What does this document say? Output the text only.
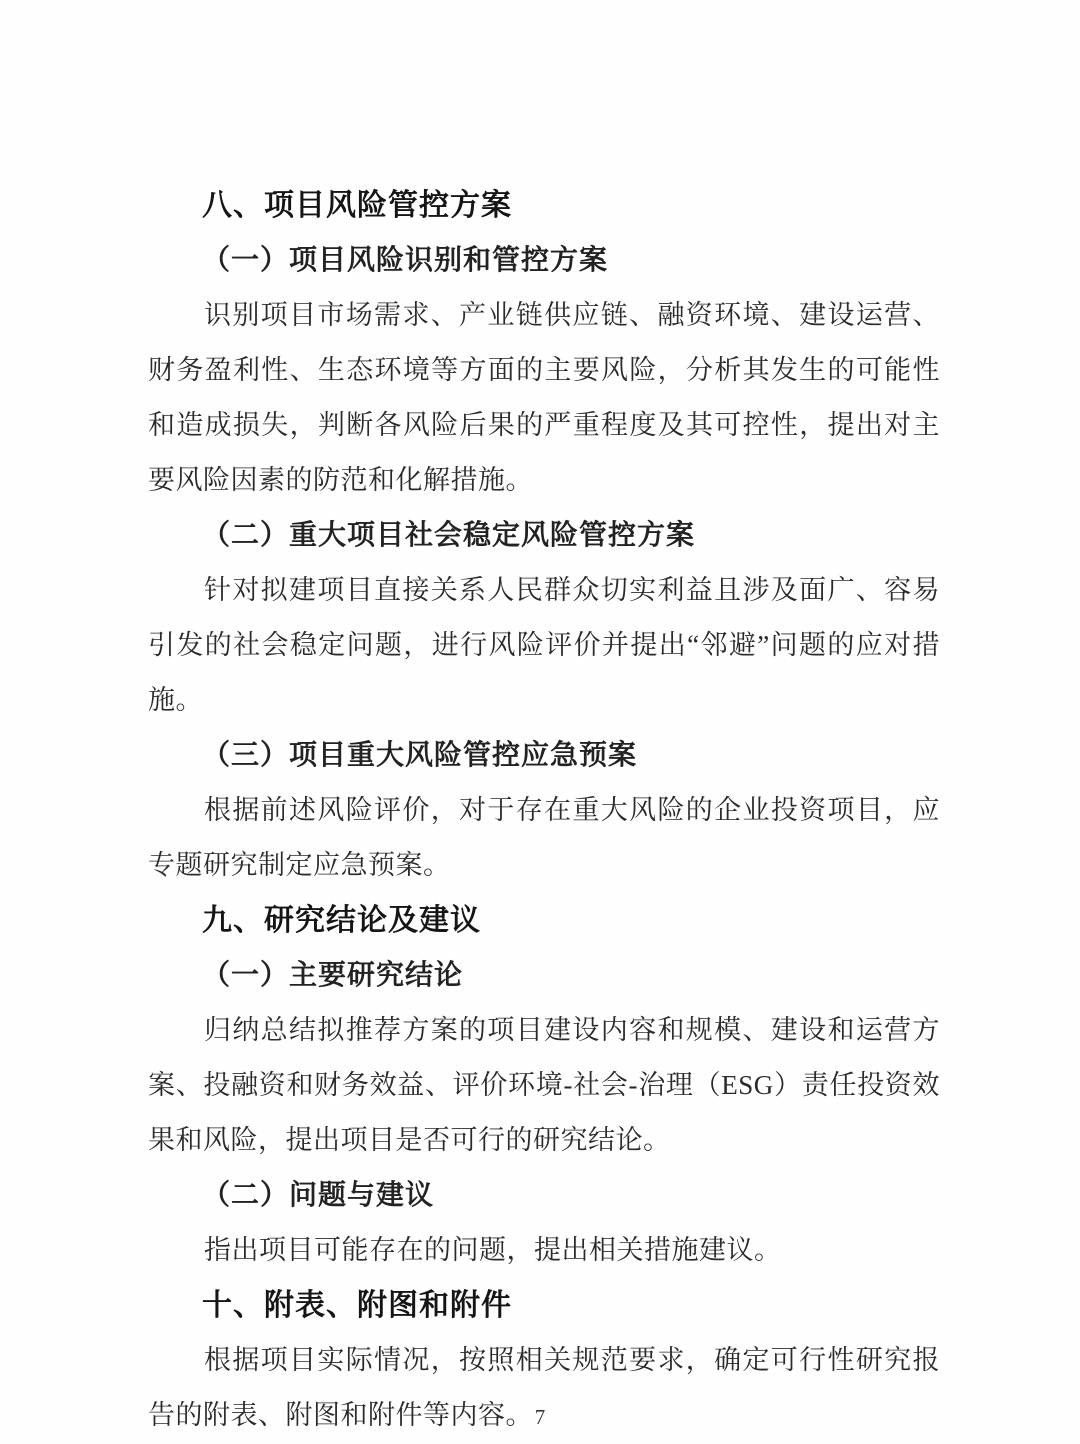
八、项目风险管控方案
（一）项目风险识别和管控方案

识别项目市场需求、产业链供应链、融资环境、建设运营、财务盈利性、生态环境等方面的主要风险，分析其发生的可能性和造成损失，判断各风险后果的严重程度及其可控性，提出对主要风险因素的防范和化解措施。

（二）重大项目社会稳定风险管控方案

针对拟建项目直接关系人民群众切实利益且涉及面广、容易引发的社会稳定问题，进行风险评价并提出“邻避”问题的应对措施。

（三）项目重大风险管控应急预案

根据前述风险评价，对于存在重大风险的企业投资项目，应专题研究制定应急预案。

九、研究结论及建议
（一）主要研究结论

归纳总结拟推荐方案的项目建设内容和规模、建设和运营方案、投融资和财务效益、评价环境-社会-治理（ESG）责任投资效果和风险，提出项目是否可行的研究结论。

（二）问题与建议

指出项目可能存在的问题，提出相关措施建议。

十、附表、附图和附件

根据项目实际情况，按照相关规范要求，确定可行性研究报告的附表、附图和附件等内容。 7
